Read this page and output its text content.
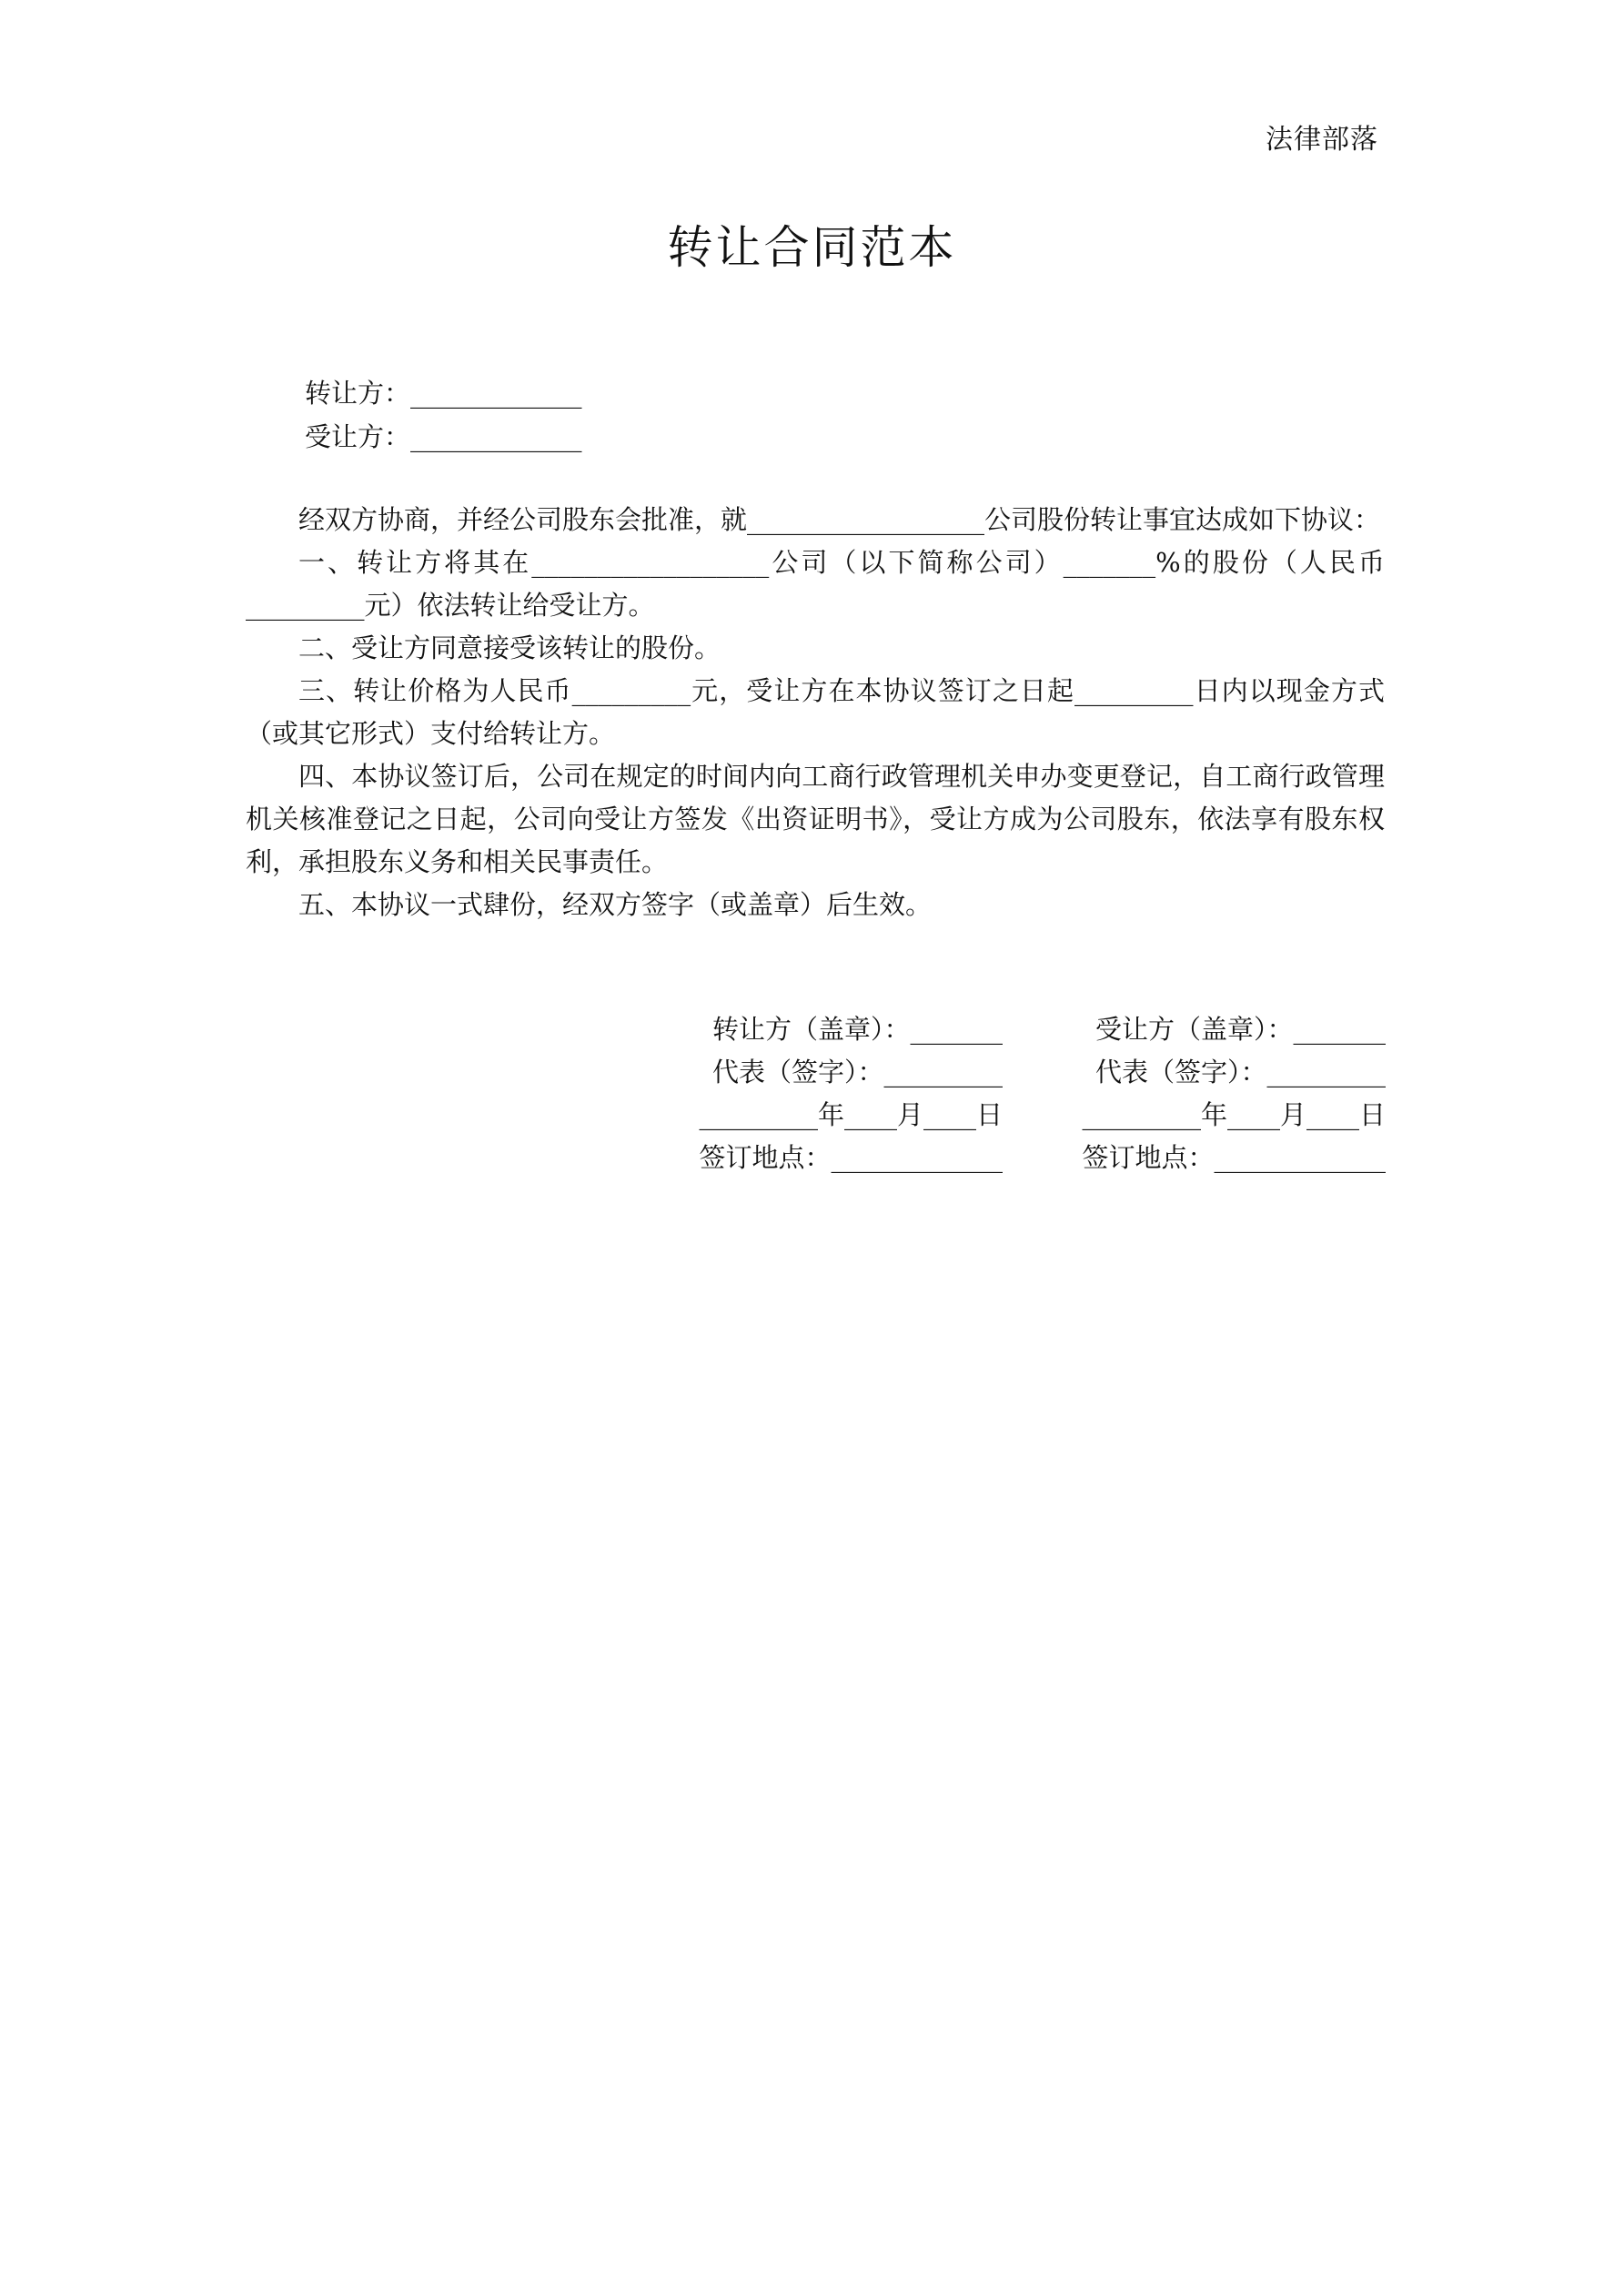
法律部落
转让合同范本
转让方：_____________
受让方：_____________

经双方协商，并经公司股东会批准，就__________________公司股份转让事宜达成如下协议：

一、转让方将其在__________________公司（以下简称公司）_______%的股份（人民币_________元）依法转让给受让方。

二、受让方同意接受该转让的股份。

三、转让价格为人民币_________元，受让方在本协议签订之日起_________日内以现金方式（或其它形式）支付给转让方。

四、本协议签订后，公司在规定的时间内向工商行政管理机关申办变更登记，自工商行政管理机关核准登记之日起，公司向受让方签发《出资证明书》，受让方成为公司股东，依法享有股东权利，承担股东义务和相关民事责任。

五、本协议一式肆份，经双方签字（或盖章）后生效。

转让方（盖章）：_______
代表（签字）：_________
_________年____月____日
签订地点：_____________
受让方（盖章）：_______
代表（签字）：_________
_________年____月____日
签订地点：_____________
